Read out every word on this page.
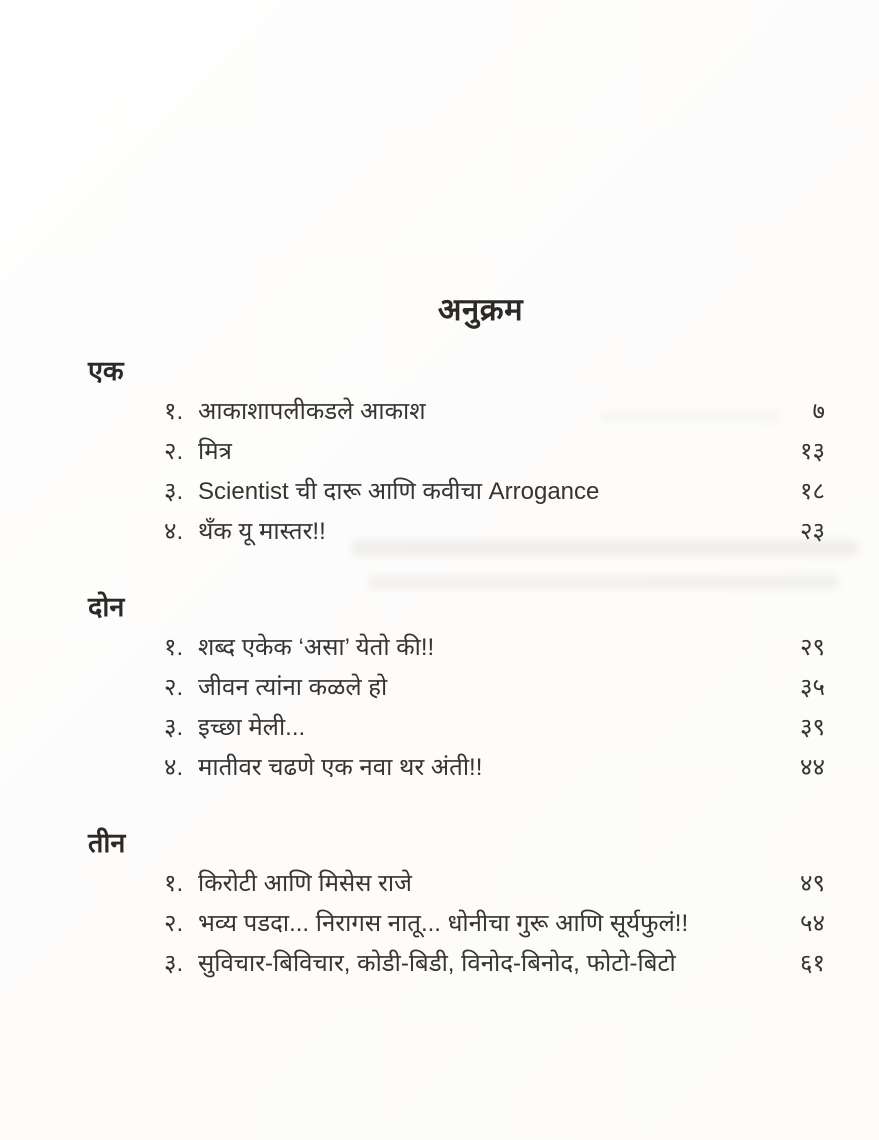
अनुक्रम
एक
१. आकाशापलीकडले आकाश	७
२. मित्र	१३
३. Scientist ची दारू आणि कवीचा Arrogance	१८
४. थँक यू मास्तर!!	२३
दोन
१. शब्द एकेक ‘असा’ येतो की!!	२९
२. जीवन त्यांना कळले हो	३५
३. इच्छा मेली...	३९
४. मातीवर चढणे एक नवा थर अंती!!	४४
तीन
१. किरोटी आणि मिसेस राजे	४९
२. भव्य पडदा... निरागस नातू... धोनीचा गुरू आणि सूर्यफुलं!!	५४
३. सुविचार-बिविचार, कोडी-बिडी, विनोद-बिनोद, फोटो-बिटो	६१
